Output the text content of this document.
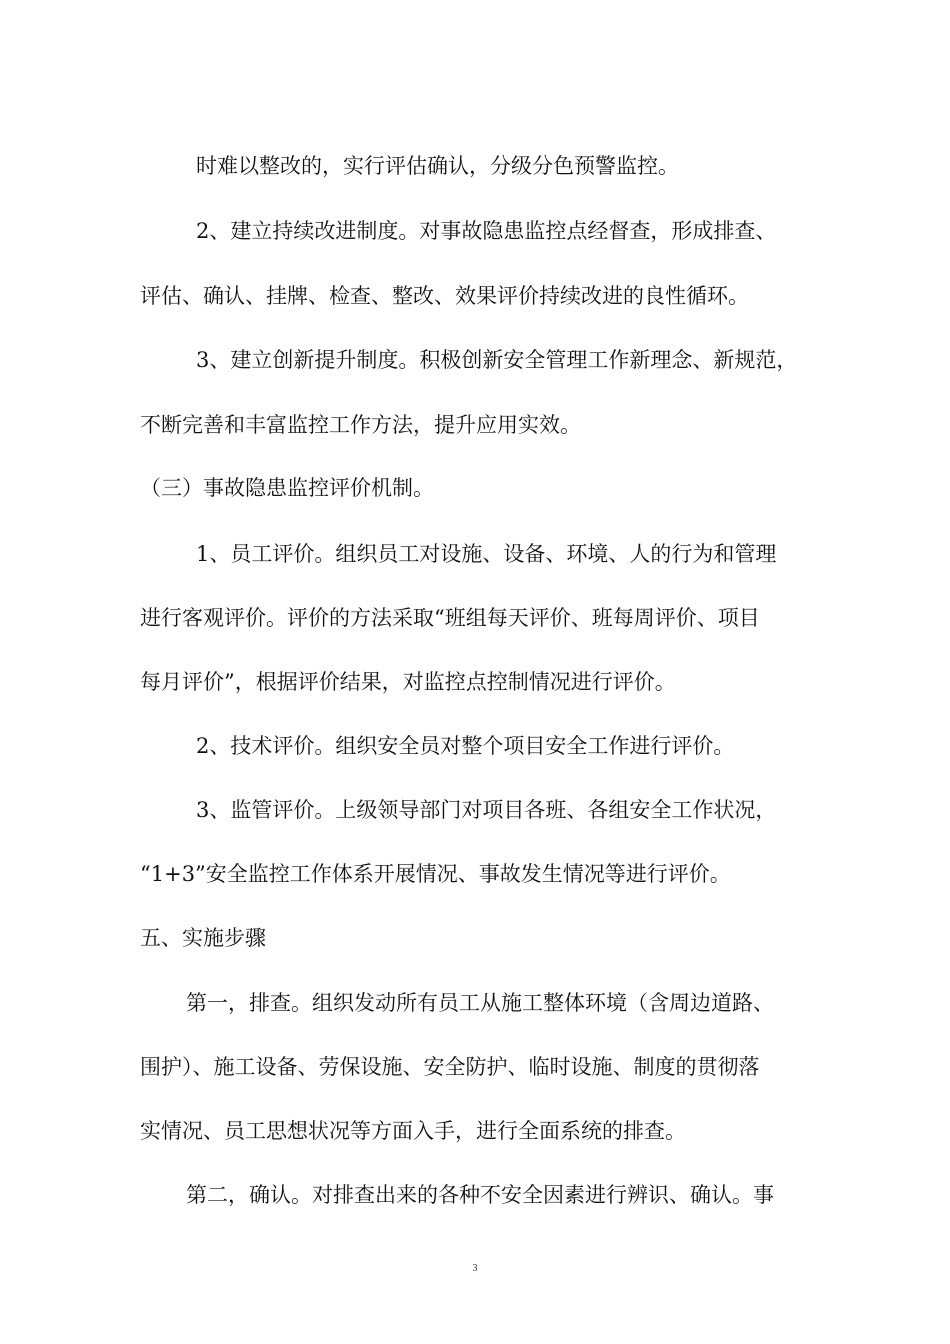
时难以整改的，实行评估确认，分级分色预警监控。
2、建立持续改进制度。对事故隐患监控点经督查，形成排查、
评估、确认、挂牌、检查、整改、效果评价持续改进的良性循环。
3、建立创新提升制度。积极创新安全管理工作新理念、新规范，
不断完善和丰富监控工作方法，提升应用实效。
（三）事故隐患监控评价机制。
1、员工评价。组织员工对设施、设备、环境、人的行为和管理
进行客观评价。评价的方法采取“班组每天评价、班每周评价、项目
每月评价”，根据评价结果，对监控点控制情况进行评价。
2、技术评价。组织安全员对整个项目安全工作进行评价。
3、监管评价。上级领导部门对项目各班、各组安全工作状况，
“1+3”安全监控工作体系开展情况、事故发生情况等进行评价。
五、实施步骤
第一，排查。组织发动所有员工从施工整体环境（含周边道路、
围护）、施工设备、劳保设施、安全防护、临时设施、制度的贯彻落
实情况、员工思想状况等方面入手，进行全面系统的排查。
第二，确认。对排查出来的各种不安全因素进行辨识、确认。事
3
